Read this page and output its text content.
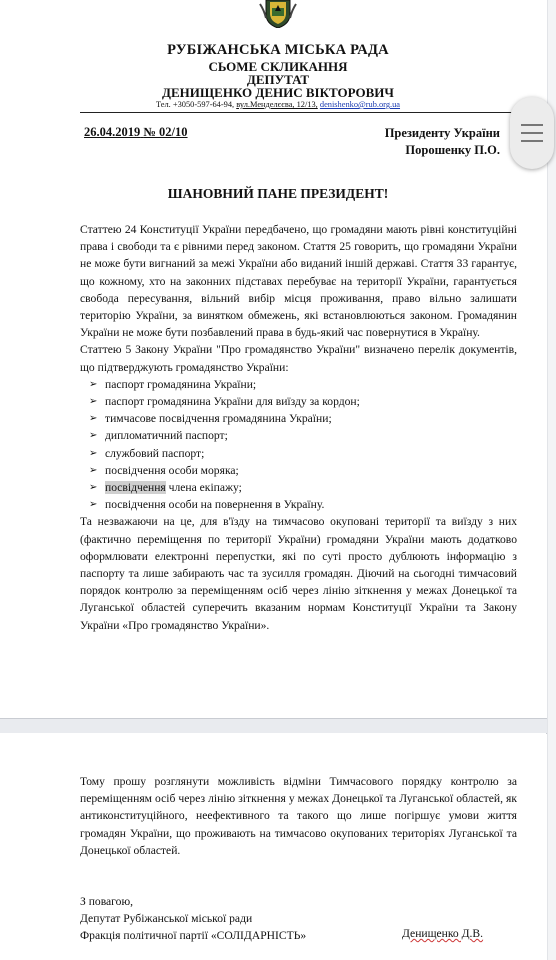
РУБІЖАНСЬКА МІСЬКА РАДА
СЬОМЕ СКЛИКАННЯ
ДЕПУТАТ
ДЕНИЩЕНКО ДЕНИС ВІКТОРОВИЧ
Тел. +3050-597-64-94, вул.Менделєєва, 12/13, denishenko@rub.org.ua
26.04.2019 № 02/10	Президенту України
Порошенку П.О.
ШАНОВНИЙ ПАНЕ ПРЕЗИДЕНТ!

Статтею 24 Конституції України передбачено, що громадяни мають рівні конституційні права і свободи та є рівними перед законом. Стаття 25 говорить, що громадяни України не може бути вигнаний за межі України або виданий іншій державі. Стаття 33 гарантує, що кожному, хто на законних підставах перебуває на території України, гарантується свобода пересування, вільний вибір місця проживання, право вільно залишати територію України, за винятком обмежень, які встановлюються законом. Громадянин України не може бути позбавлений права в будь-який час повернутися в Україну.

Статтею 5 Закону України "Про громадянство України" визначено перелік документів, що підтверджують громадянство України:

➢ паспорт громадянина України;
➢ паспорт громадянина України для виїзду за кордон;
➢ тимчасове посвідчення громадянина України;
➢ дипломатичний паспорт;
➢ службовий паспорт;
➢ посвідчення особи моряка;
➢ посвідчення члена екіпажу;
➢ посвідчення особи на повернення в Україну.

Та незважаючи на це, для в'їзду на тимчасово окуповані території та виїзду з них (фактично переміщення по території України) громадяни України мають додатково оформлювати електронні перепустки, які по суті просто дублюють інформацію з паспорту та лише забирають час та зусилля громадян. Діючий на сьогодні тимчасовий порядок контролю за переміщенням осіб через лінію зіткнення у межах Донецької та Луганської областей суперечить вказаним нормам Конституції України та Закону України «Про громадянство України».

Тому прошу розглянути можливість відміни Тимчасового порядку контролю за переміщенням осіб через лінію зіткнення у межах Донецької та Луганської областей, як антиконституційного, неефективного та такого що лише погіршує умови життя громадян України, що проживають на тимчасово окупованих територіях Луганської та Донецької областей.
З повагою,
Депутат Рубіжанської міської ради
Фракція політичної партії «СОЛІДАРНІСТЬ»	Денищенко Д.В.
